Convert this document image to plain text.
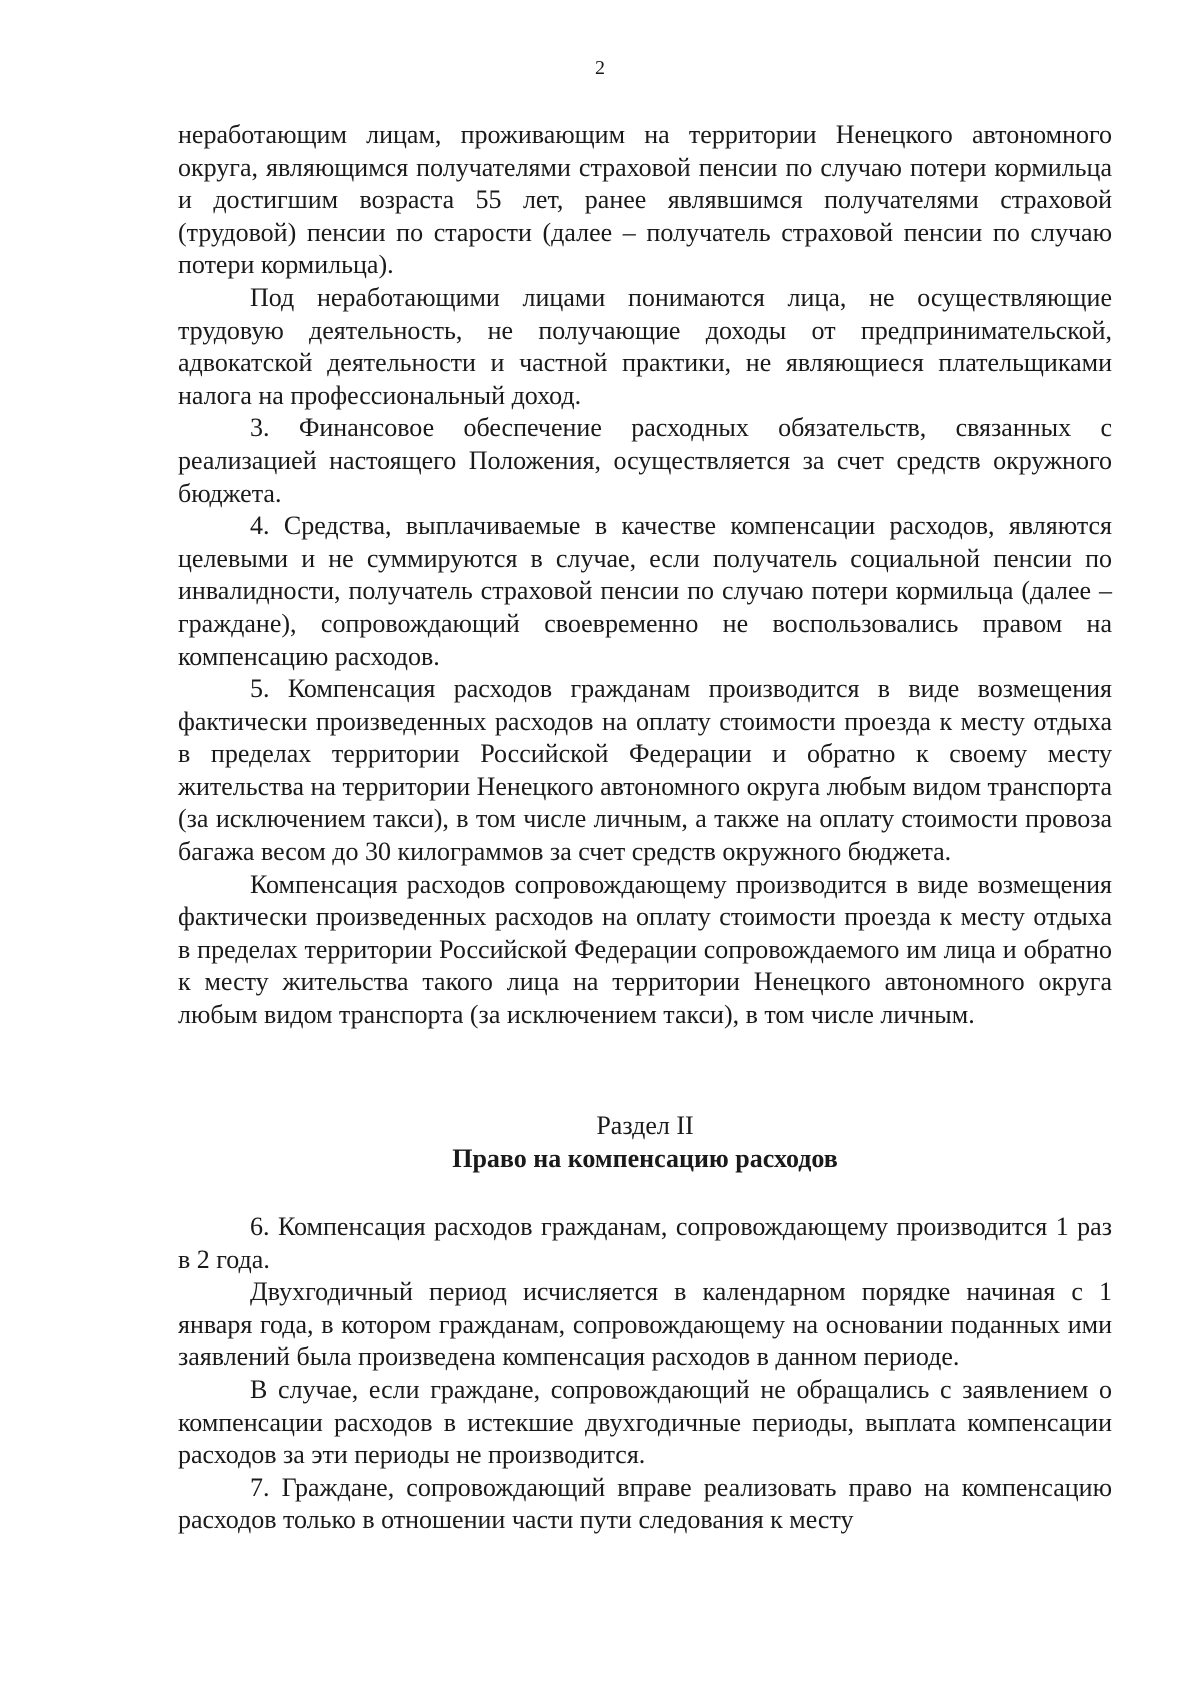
2

неработающим лицам, проживающим на территории Ненецкого автономного округа, являющимся получателями страховой пенсии по случаю потери кормильца и достигшим возраста 55 лет, ранее являвшимся получателями страховой (трудовой) пенсии по старости (далее – получатель страховой пенсии по случаю потери кормильца).

Под неработающими лицами понимаются лица, не осуществляющие трудовую деятельность, не получающие доходы от предпринимательской, адвокатской деятельности и частной практики, не являющиеся плательщиками налога на профессиональный доход.

3. Финансовое обеспечение расходных обязательств, связанных с реализацией настоящего Положения, осуществляется за счет средств окружного бюджета.

4. Средства, выплачиваемые в качестве компенсации расходов, являются целевыми и не суммируются в случае, если получатель социальной пенсии по инвалидности, получатель страховой пенсии по случаю потери кормильца (далее – граждане), сопровождающий своевременно не воспользовались правом на компенсацию расходов.

5. Компенсация расходов гражданам производится в виде возмещения фактически произведенных расходов на оплату стоимости проезда к месту отдыха в пределах территории Российской Федерации и обратно к своему месту жительства на территории Ненецкого автономного округа любым видом транспорта (за исключением такси), в том числе личным, а также на оплату стоимости провоза багажа весом до 30 килограммов за счет средств окружного бюджета.

Компенсация расходов сопровождающему производится в виде возмещения фактически произведенных расходов на оплату стоимости проезда к месту отдыха в пределах территории Российской Федерации сопровождаемого им лица и обратно к месту жительства такого лица на территории Ненецкого автономного округа любым видом транспорта (за исключением такси), в том числе личным.

Раздел II
Право на компенсацию расходов

6. Компенсация расходов гражданам, сопровождающему производится 1 раз в 2 года.

Двухгодичный период исчисляется в календарном порядке начиная с 1 января года, в котором гражданам, сопровождающему на основании поданных ими заявлений была произведена компенсация расходов в данном периоде.

В случае, если граждане, сопровождающий не обращались с заявлением о компенсации расходов в истекшие двухгодичные периоды, выплата компенсации расходов за эти периоды не производится.

7. Граждане, сопровождающий вправе реализовать право на компенсацию расходов только в отношении части пути следования к месту
